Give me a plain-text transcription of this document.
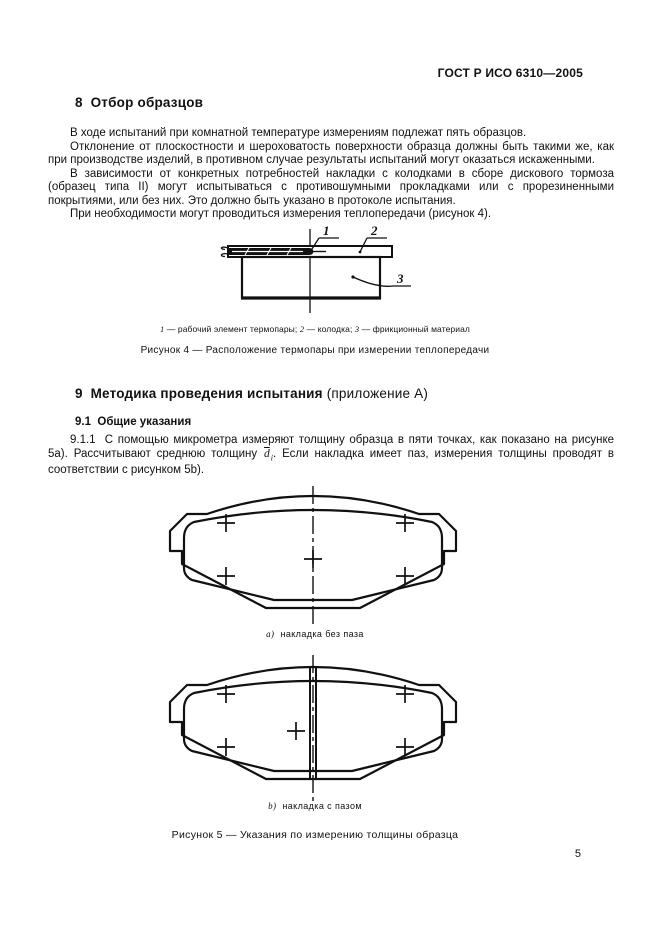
ГОСТ Р ИСО 6310—2005
8  Отбор образцов

В ходе испытаний при комнатной температуре измерениям подлежат пять образцов.

Отклонение от плоскостности и шероховатость поверхности образца должны быть такими же, как при производстве изделий, в противном случае результаты испытаний могут оказаться искаженными.

В зависимости от конкретных потребностей накладки с колодками в сборе дискового тормоза (образец типа II) могут испытываться с противошумными прокладками или с прорезиненными покрытиями, или без них. Это должно быть указано в протоколе испытания.

При необходимости могут проводиться измерения теплопередачи (рисунок 4).

1	2
3
1 — рабочий элемент термопары; 2 — колодка; 3 — фрикционный материал
Рисунок 4 — Расположение термопары при измерении теплопередачи
9  Методика проведения испытания (приложение А)
9.1  Общие указания

9.1.1  С помощью микрометра измеряют толщину образца в пяти точках, как показано на рисунке 5а). Рассчитывают среднюю толщину $\overline{d}_i$. Если накладка имеет паз, измерения толщины проводят в соответствии с рисунком 5b).

а) накладка без паза
b) накладка с пазом
Рисунок 5 — Указания по измерению толщины образца
5
